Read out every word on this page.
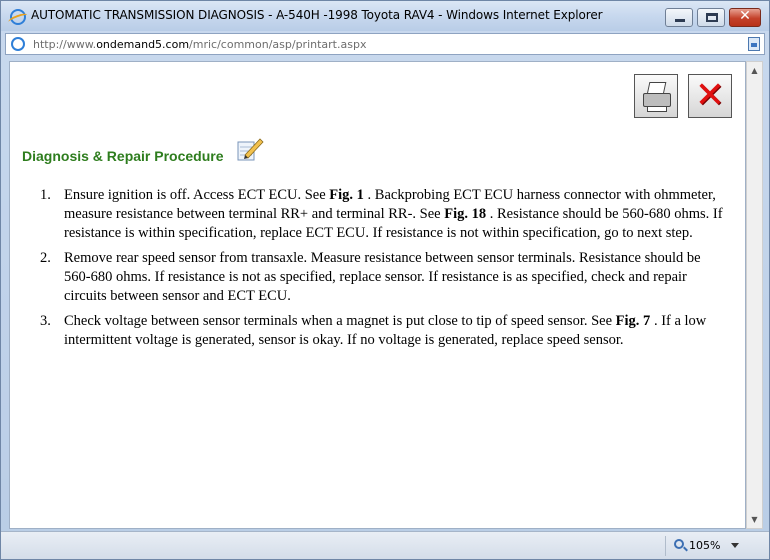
AUTOMATIC TRANSMISSION DIAGNOSIS - A-540H -1998 Toyota RAV4 - Windows Internet Explorer	✕
http://www.ondemand5.com/mric/common/asp/printart.aspx
✕
Diagnosis & Repair Procedure
1. Ensure ignition is off. Access ECT ECU. See Fig. 1 . Backprobing ECT ECU harness connector with ohmmeter, measure resistance between terminal RR+ and terminal RR-. See Fig. 18 . Resistance should be 560-680 ohms. If resistance is within specification, replace ECT ECU. If resistance is not within specification, go to next step.
2. Remove rear speed sensor from transaxle. Measure resistance between sensor terminals. Resistance should be 560-680 ohms. If resistance is not as specified, replace sensor. If resistance is as specified, check and repair circuits between sensor and ECT ECU.
3. Check voltage between sensor terminals when a magnet is put close to tip of speed sensor. See Fig. 7 . If a low intermittent voltage is generated, sensor is okay. If no voltage is generated, replace speed sensor.
▲
▼
105%
